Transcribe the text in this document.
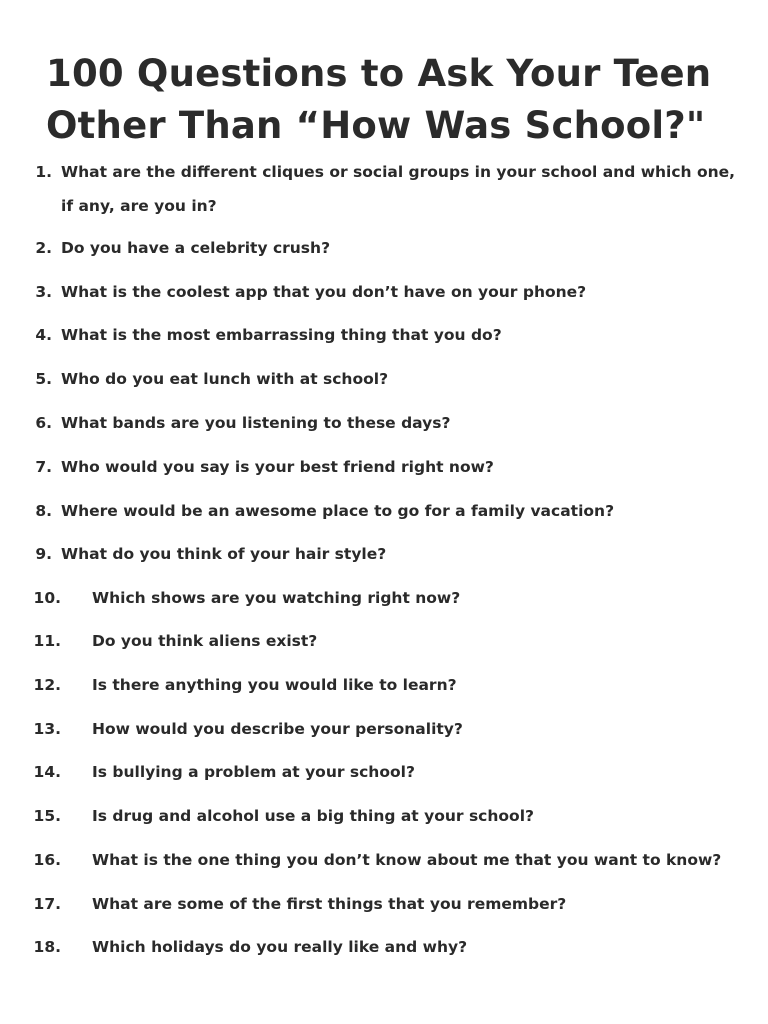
100 Questions to Ask Your Teen
Other Than “How Was School?"
1. What are the different cliques or social groups in your school and which one,
if any, are you in?
2. Do you have a celebrity crush?
3. What is the coolest app that you don’t have on your phone?
4. What is the most embarrassing thing that you do?
5. Who do you eat lunch with at school?
6. What bands are you listening to these days?
7. Who would you say is your best friend right now?
8. Where would be an awesome place to go for a family vacation?
9. What do you think of your hair style?
10. Which shows are you watching right now?
11. Do you think aliens exist?
12. Is there anything you would like to learn?
13. How would you describe your personality?
14. Is bullying a problem at your school?
15. Is drug and alcohol use a big thing at your school?
16. What is the one thing you don’t know about me that you want to know?
17. What are some of the first things that you remember?
18. Which holidays do you really like and why?
